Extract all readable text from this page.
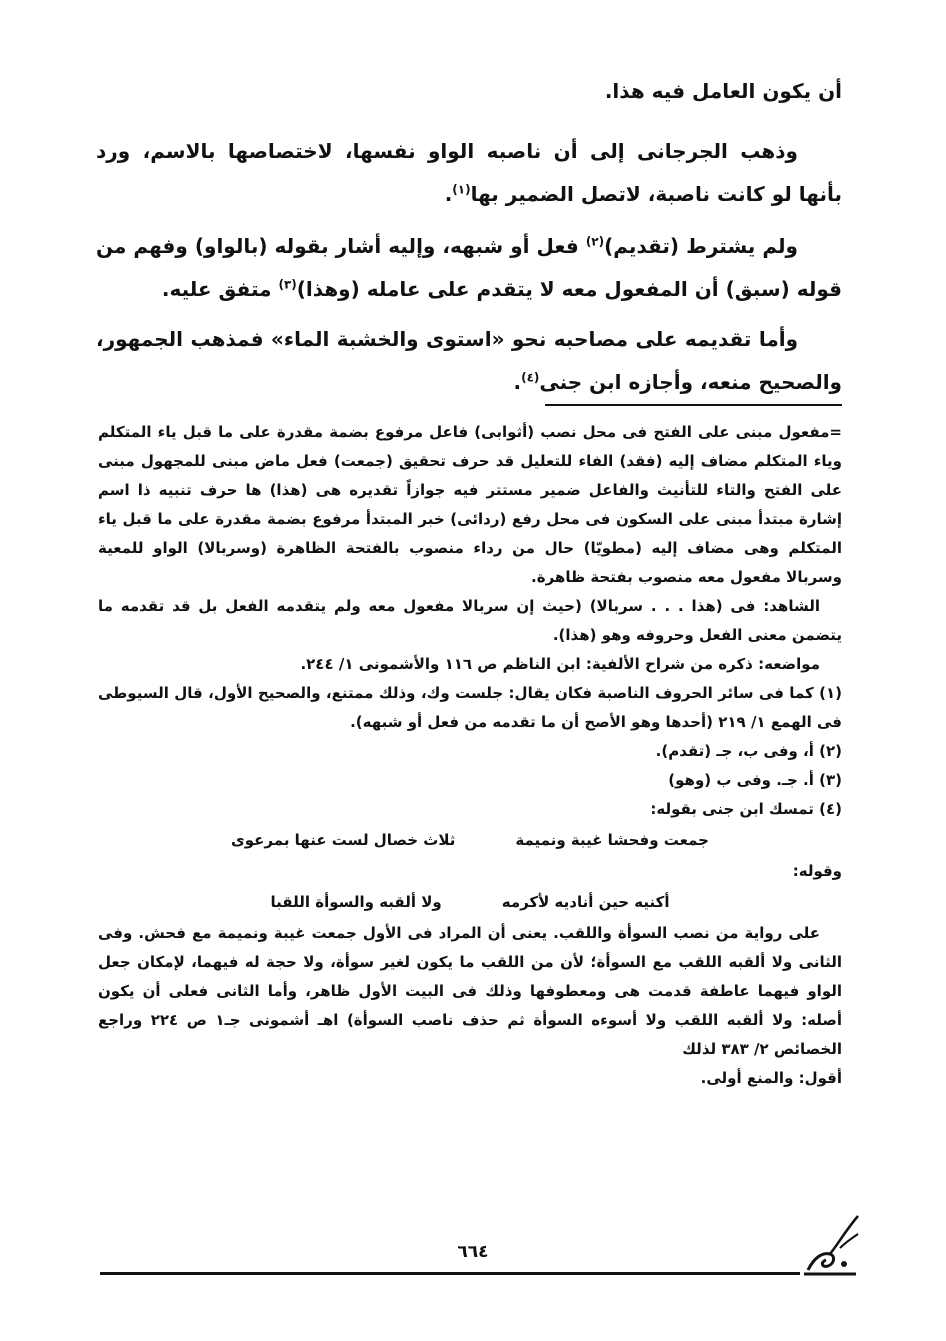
أن يكون العامل فيه هذا.

وذهب الجرجانى إلى أن ناصبه الواو نفسها، لاختصاصها بالاسم، ورد بأنها لو كانت ناصبة، لاتصل الضمير بها$^{(١)}$.

ولم يشترط (تقديم)$^{(٢)}$ فعل أو شبهه، وإليه أشار بقوله (بالواو) وفهم من قوله (سبق) أن المفعول معه لا يتقدم على عامله (وهذا)$^{(٣)}$ متفق عليه.

وأما تقديمه على مصاحبه نحو «استوى والخشبة الماء» فمذهب الجمهور، والصحيح منعه، وأجازه ابن جنى$^{(٤)}$.

=مفعول مبنى على الفتح فى محل نصب (أثوابى) فاعل مرفوع بضمة مقدرة على ما قبل ياء المتكلم وياء المتكلم مضاف إليه (فقد) الفاء للتعليل قد حرف تحقيق (جمعت) فعل ماض مبنى للمجهول مبنى على الفتح والتاء للتأنيث والفاعل ضمير مستتر فيه جوازاً تقديره هى (هذا) ها حرف تنبيه ذا اسم إشارة مبتدأ مبنى على السكون فى محل رفع (ردائى) خبر المبتدأ مرفوع بضمة مقدرة على ما قبل ياء المتكلم وهى مضاف إليه (مطويّا) حال من رداء منصوب بالفتحة الظاهرة (وسربالا) الواو للمعية وسربالا مفعول معه منصوب بفتحة ظاهرة.

الشاهد: فى (هذا . . . سربالا) (حيث إن سربالا مفعول معه ولم يتقدمه الفعل بل قد تقدمه ما يتضمن معنى الفعل وحروفه وهو (هذا).

مواضعه: ذكره من شراح الألفية: ابن الناظم ص ١١٦ والأشمونى ١/ ٢٤٤.

(١) كما فى سائر الحروف الناصبة فكان يقال: جلست وك، وذلك ممتنع، والصحيح الأول، قال السيوطى فى الهمع ١/ ٢١٩ (أحدها وهو الأصح أن ما تقدمه من فعل أو شبهه).

(٢) أ، وفى ب، جـ (تقدم).

(٣) أ. جـ. وفى ب (وهو)

(٤) تمسك ابن جنى بقوله:

جمعت وفحشا غيبة ونميمة
ثلاث خصال لست عنها بمرعوى

وقوله:

أكنيه حين أناديه لأكرمه
ولا ألقبه والسوأة اللقبا

على رواية من نصب السوأة واللقب. يعنى أن المراد فى الأول جمعت غيبة ونميمة مع فحش. وفى الثانى ولا ألقبه اللقب مع السوأة؛ لأن من اللقب ما يكون لغير سوأة، ولا حجة له فيهما، لإمكان جعل الواو فيهما عاطفة قدمت هى ومعطوفها وذلك فى البيت الأول ظاهر، وأما الثانى فعلى أن يكون أصله: ولا ألقبه اللقب ولا أسوءه السوأة ثم حذف ناصب السوأة) اهـ أشمونى جـ١ ص ٢٢٤ وراجع الخصائص ٢/ ٣٨٣ لذلك

أقول: والمنع أولى.

٦٦٤
